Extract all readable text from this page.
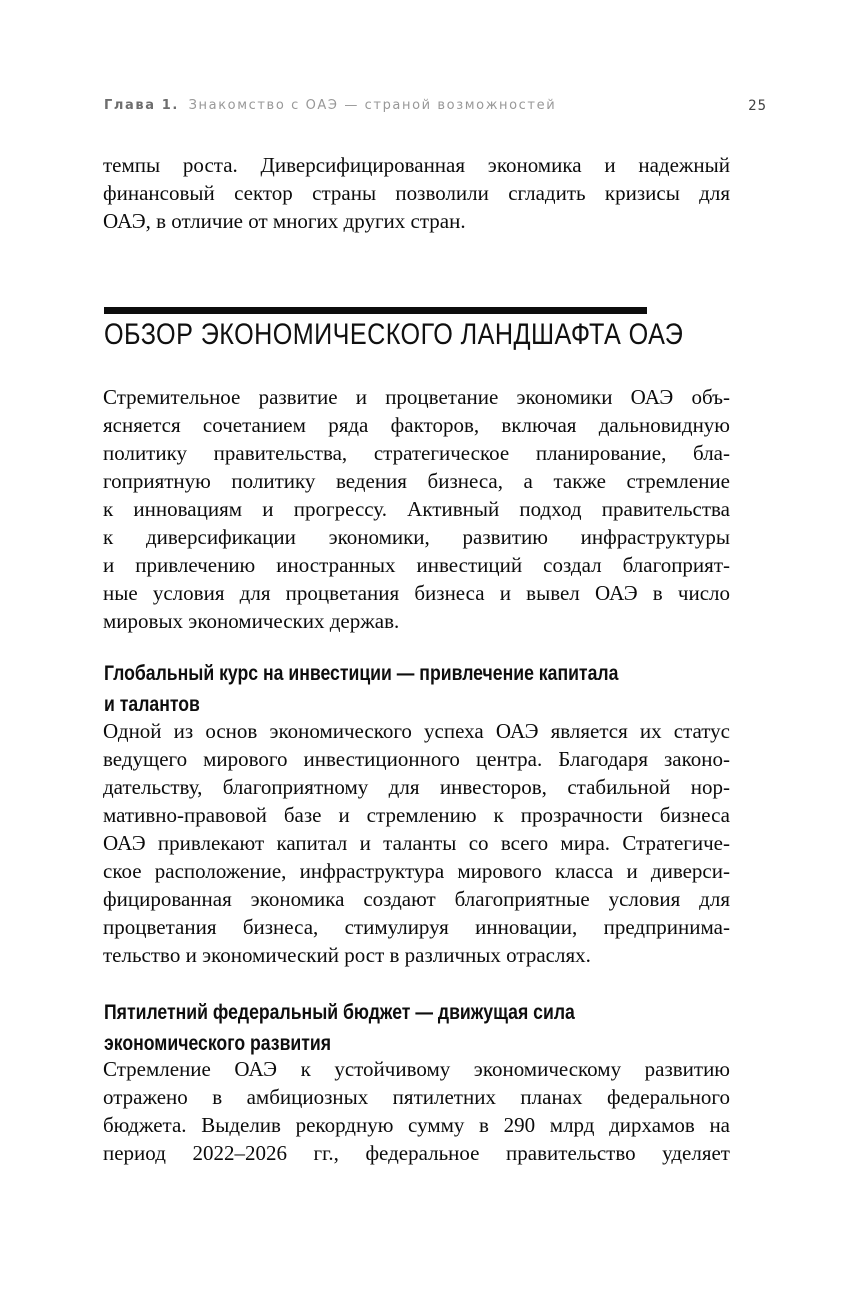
Глава 1. Знакомство с ОАЭ — страной возможностей	25
темпы роста. Диверсифицированная экономика и надежный
финансовый сектор страны позволили сгладить кризисы для
ОАЭ, в отличие от многих других стран.
ОБЗОР ЭКОНОМИЧЕСКОГО ЛАНДШАФТА ОАЭ
Стремительное развитие и процветание экономики ОАЭ объ-
ясняется сочетанием ряда факторов, включая дальновидную
политику правительства, стратегическое планирование, бла-
гоприятную политику ведения бизнеса, а также стремление
к инновациям и прогрессу. Активный подход правительства
к диверсификации экономики, развитию инфраструктуры
и привлечению иностранных инвестиций создал благоприят-
ные условия для процветания бизнеса и вывел ОАЭ в число
мировых экономических держав.
Глобальный курс на инвестиции — привлечение капитала
и талантов
Одной из основ экономического успеха ОАЭ является их статус
ведущего мирового инвестиционного центра. Благодаря законо-
дательству, благоприятному для инвесторов, стабильной нор-
мативно-правовой базе и стремлению к прозрачности бизнеса
ОАЭ привлекают капитал и таланты со всего мира. Стратегиче-
ское расположение, инфраструктура мирового класса и диверси-
фицированная экономика создают благоприятные условия для
процветания бизнеса, стимулируя инновации, предпринима-
тельство и экономический рост в различных отраслях.
Пятилетний федеральный бюджет — движущая сила
экономического развития
Стремление ОАЭ к устойчивому экономическому развитию
отражено в амбициозных пятилетних планах федерального
бюджета. Выделив рекордную сумму в 290 млрд дирхамов на
период 2022–2026 гг., федеральное правительство уделяет
